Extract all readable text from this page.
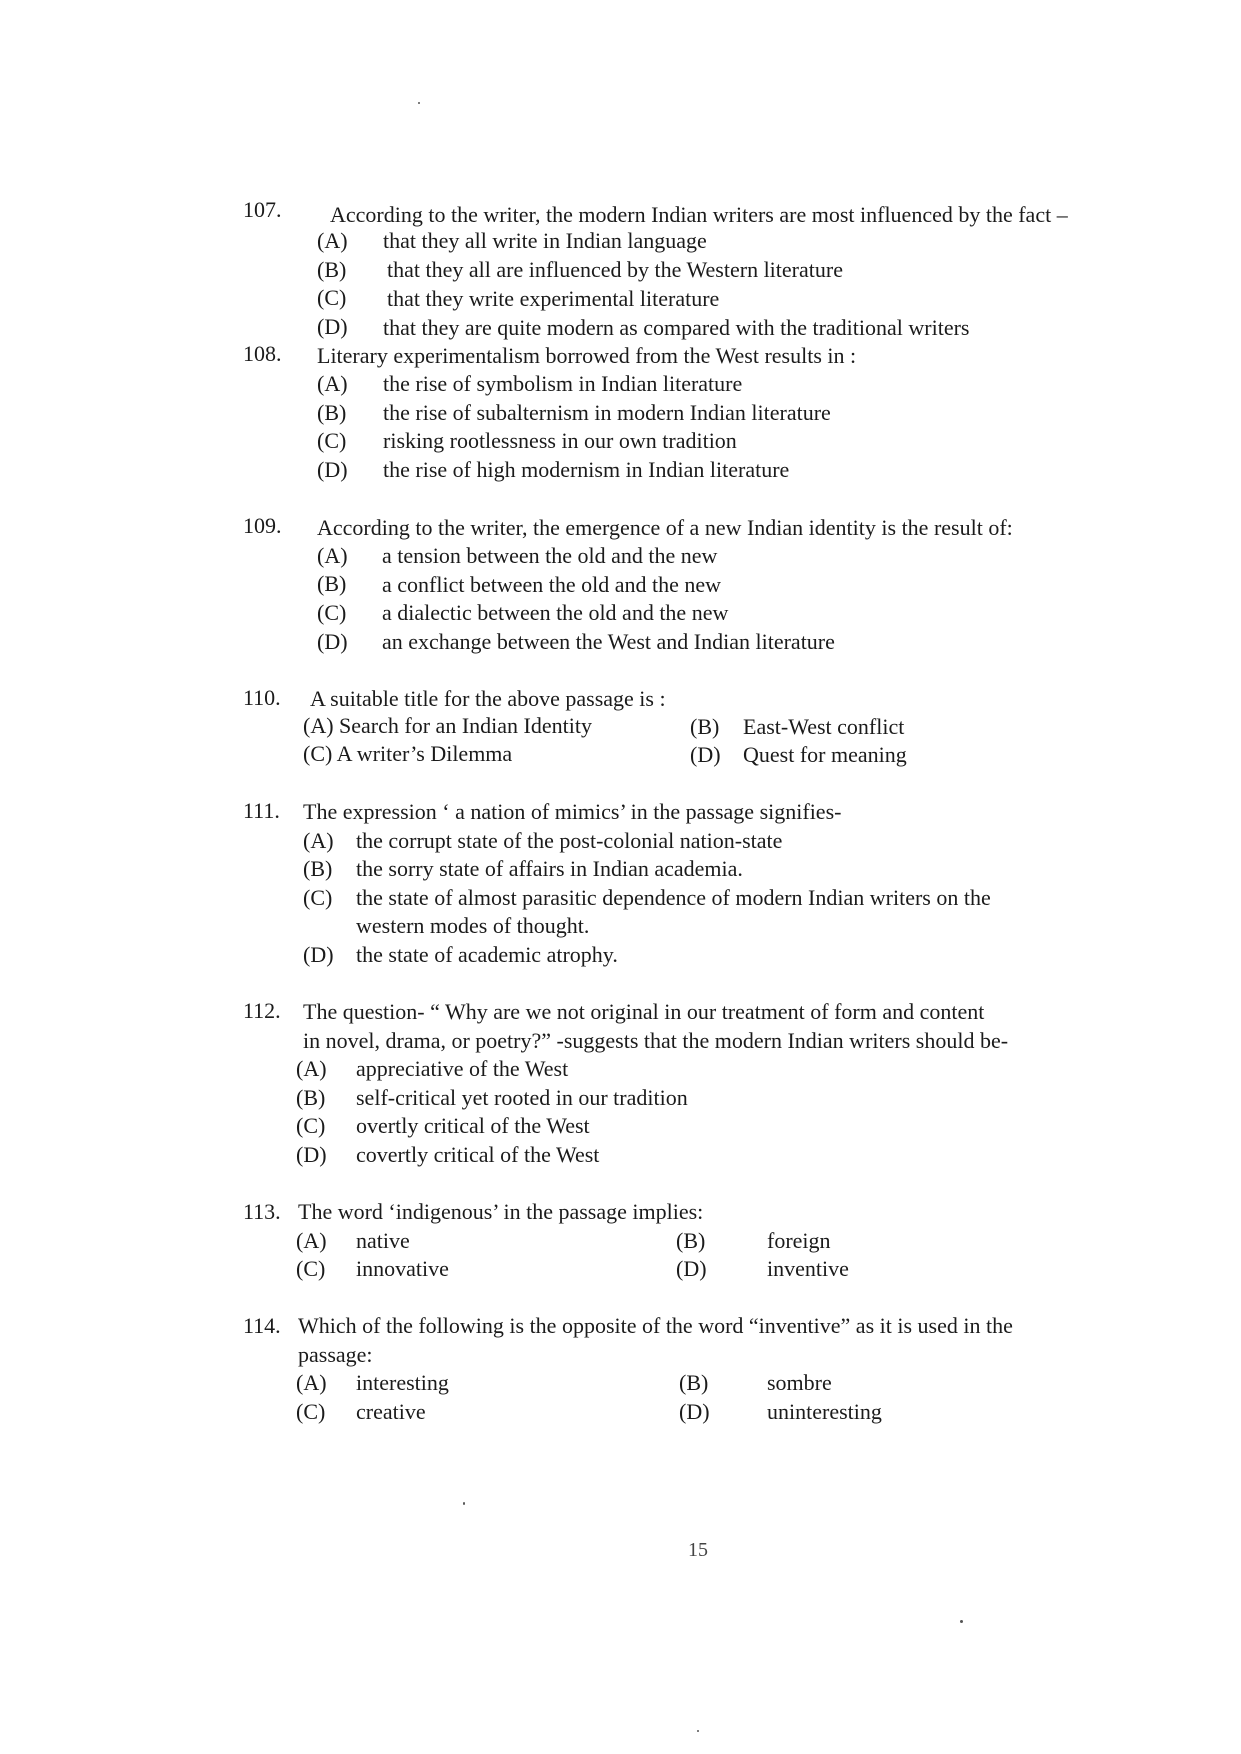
107. According to the writer, the modern Indian writers are most influenced by the fact –
(A) that they all write in Indian language
(B) that they all are influenced by the Western literature
(C) that they write experimental literature
(D) that they are quite modern as compared with the traditional writers
108. Literary experimentalism borrowed from the West results in :
(A) the rise of symbolism in Indian literature
(B) the rise of subalternism in modern Indian literature
(C) risking rootlessness in our own tradition
(D) the rise of high modernism in Indian literature
109. According to the writer, the emergence of a new Indian identity is the result of:
(A) a tension between the old and the new
(B) a conflict between the old and the new
(C) a dialectic between the old and the new
(D) an exchange between the West and Indian literature
110. A suitable title for the above passage is :
(A) Search for an Indian Identity	(B) East-West conflict
(C) A writer’s Dilemma	(D) Quest for meaning
111. The expression ‘ a nation of mimics’ in the passage signifies-
(A) the corrupt state of the post-colonial nation-state
(B) the sorry state of affairs in Indian academia.
(C) the state of almost parasitic dependence of modern Indian writers on the
western modes of thought.
(D) the state of academic atrophy.
112. The question- “ Why are we not original in our treatment of form and content
in novel, drama, or poetry?” -suggests that the modern Indian writers should be-
(A) appreciative of the West
(B) self-critical yet rooted in our tradition
(C) overtly critical of the West
(D) covertly critical of the West
113. The word ‘indigenous’ in the passage implies:
(A) native	(B)	foreign
(C) innovative	(D)	inventive
114. Which of the following is the opposite of the word “inventive” as it is used in the
passage:
(A) interesting	(B)	sombre
(C) creative	(D)	uninteresting
15
